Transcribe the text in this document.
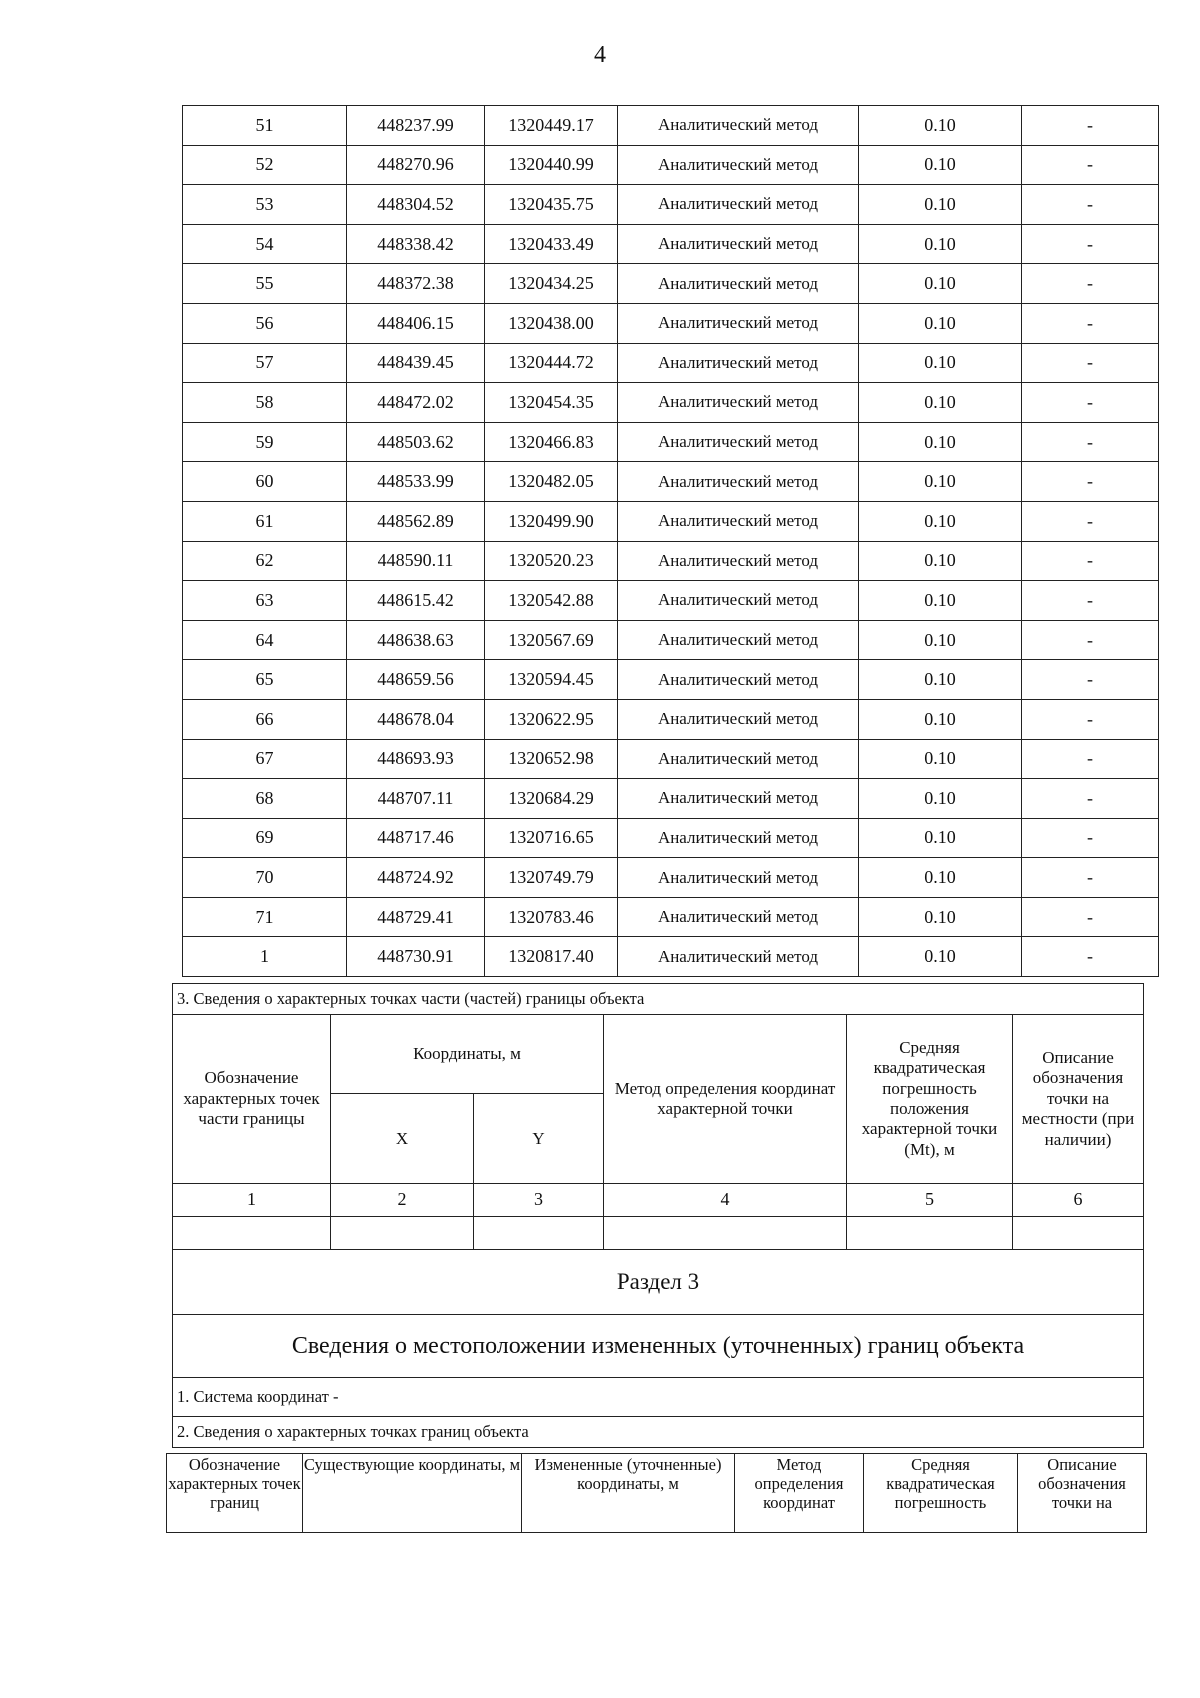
4
51	448237.99	1320449.17	Аналитический метод	0.10	-
52	448270.96	1320440.99	Аналитический метод	0.10	-
53	448304.52	1320435.75	Аналитический метод	0.10	-
54	448338.42	1320433.49	Аналитический метод	0.10	-
55	448372.38	1320434.25	Аналитический метод	0.10	-
56	448406.15	1320438.00	Аналитический метод	0.10	-
57	448439.45	1320444.72	Аналитический метод	0.10	-
58	448472.02	1320454.35	Аналитический метод	0.10	-
59	448503.62	1320466.83	Аналитический метод	0.10	-
60	448533.99	1320482.05	Аналитический метод	0.10	-
61	448562.89	1320499.90	Аналитический метод	0.10	-
62	448590.11	1320520.23	Аналитический метод	0.10	-
63	448615.42	1320542.88	Аналитический метод	0.10	-
64	448638.63	1320567.69	Аналитический метод	0.10	-
65	448659.56	1320594.45	Аналитический метод	0.10	-
66	448678.04	1320622.95	Аналитический метод	0.10	-
67	448693.93	1320652.98	Аналитический метод	0.10	-
68	448707.11	1320684.29	Аналитический метод	0.10	-
69	448717.46	1320716.65	Аналитический метод	0.10	-
70	448724.92	1320749.79	Аналитический метод	0.10	-
71	448729.41	1320783.46	Аналитический метод	0.10	-
1	448730.91	1320817.40	Аналитический метод	0.10	-
3. Сведения о характерных точках части (частей) границы объекта					
Обозначение характерных точек части границы	Координаты, м		Метод определения координат характерной точки	Средняя квадратическая погрешность положения характерной точки (Mt), м	Описание обозначения точки на местности (при наличии)
	X	Y			
1	2	3	4	5	6

Раздел 3					
Сведения о местоположении измененных (уточненных) границ объекта					
1. Система координат -					
2. Сведения о характерных точках границ объекта					
Обозначение характерных точек границ	Существующие координаты, м	Измененные (уточненные) координаты, м	Метод определения координат	Средняя квадратическая погрешность	Описание обозначения точки на
